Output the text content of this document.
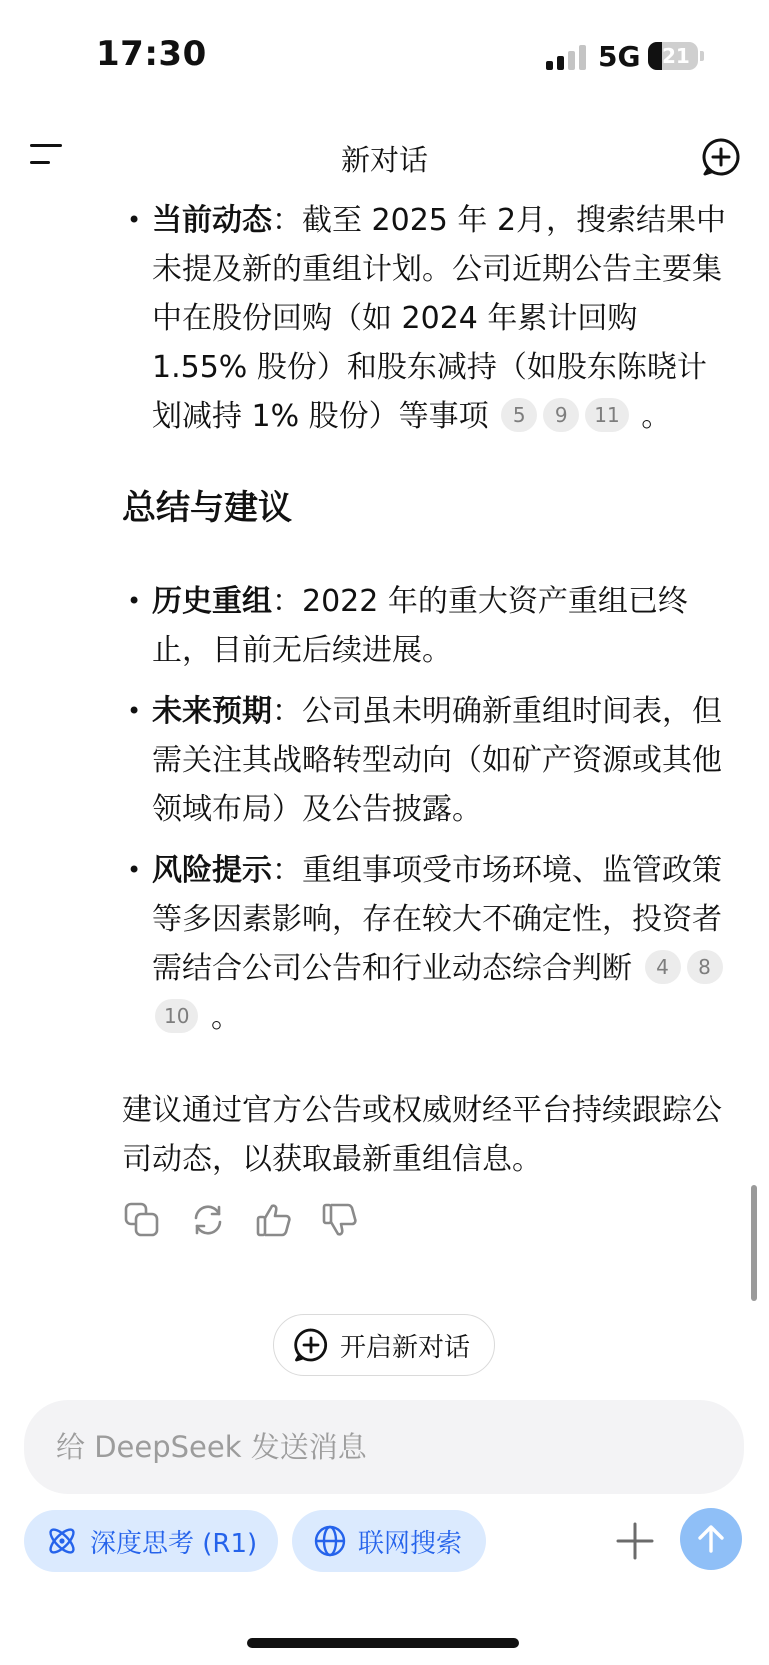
17:30	5G	21
新对话
• 当前动态：截至 2025 年 2月，搜索结果中未提及新的重组计划。公司近期公告主要集中在股份回购（如 2024 年累计回购1.55% 股份）和股东减持（如股东陈晓计划减持 1% 股份）等事项 5 9 11 。
总结与建议
• 历史重组：2022 年的重大资产重组已终止，目前无后续进展。
• 未来预期：公司虽未明确新重组时间表，但需关注其战略转型动向（如矿产资源或其他领域布局）及公告披露。
• 风险提示：重组事项受市场环境、监管政策等多因素影响，存在较大不确定性，投资者需结合公司公告和行业动态综合判断 4 810 。
建议通过官方公告或权威财经平台持续跟踪公司动态，以获取最新重组信息。
开启新对话
给 DeepSeek 发送消息
深度思考 (R1)	联网搜索
